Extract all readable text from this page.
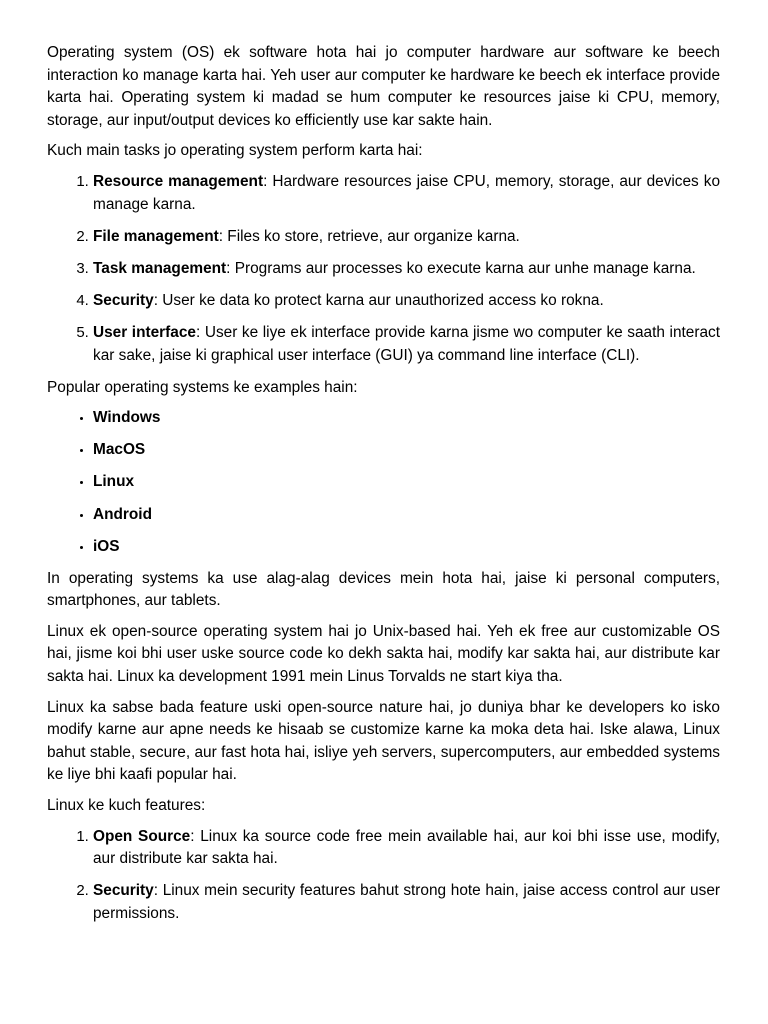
Operating system (OS) ek software hota hai jo computer hardware aur software ke beech interaction ko manage karta hai. Yeh user aur computer ke hardware ke beech ek interface provide karta hai. Operating system ki madad se hum computer ke resources jaise ki CPU, memory, storage, aur input/output devices ko efficiently use kar sakte hain.

Kuch main tasks jo operating system perform karta hai:

1. Resource management: Hardware resources jaise CPU, memory, storage, aur devices ko manage karna.
2. File management: Files ko store, retrieve, aur organize karna.
3. Task management: Programs aur processes ko execute karna aur unhe manage karna.
4. Security: User ke data ko protect karna aur unauthorized access ko rokna.
5. User interface: User ke liye ek interface provide karna jisme wo computer ke saath interact kar sake, jaise ki graphical user interface (GUI) ya command line interface (CLI).

Popular operating systems ke examples hain:

• Windows
• MacOS
• Linux
• Android
• iOS

In operating systems ka use alag-alag devices mein hota hai, jaise ki personal computers, smartphones, aur tablets.

Linux ek open-source operating system hai jo Unix-based hai. Yeh ek free aur customizable OS hai, jisme koi bhi user uske source code ko dekh sakta hai, modify kar sakta hai, aur distribute kar sakta hai. Linux ka development 1991 mein Linus Torvalds ne start kiya tha.

Linux ka sabse bada feature uski open-source nature hai, jo duniya bhar ke developers ko isko modify karne aur apne needs ke hisaab se customize karne ka moka deta hai. Iske alawa, Linux bahut stable, secure, aur fast hota hai, isliye yeh servers, supercomputers, aur embedded systems ke liye bhi kaafi popular hai.

Linux ke kuch features:

1. Open Source: Linux ka source code free mein available hai, aur koi bhi isse use, modify, aur distribute kar sakta hai.
2. Security: Linux mein security features bahut strong hote hain, jaise access control aur user permissions.
